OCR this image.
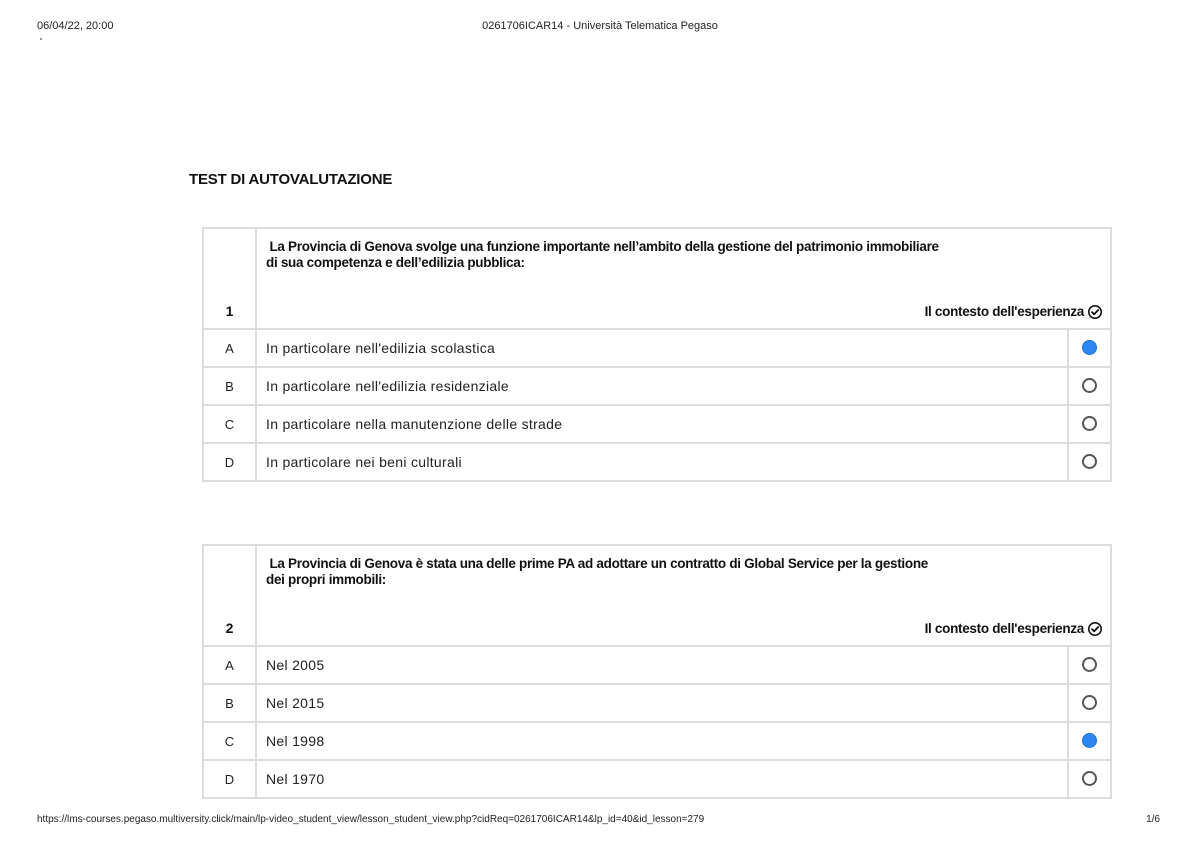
06/04/22, 20:00	0261706ICAR14 - Università Telematica Pegaso
TEST DI AUTOVALUTAZIONE
1	La Provincia di Genova svolge una funzione importante nell’ambito della gestione del patrimonio immobiliare
di sua competenza e dell’edilizia pubblica:
Il contesto dell'esperienza	

A	In particolare nell'edilizia scolastica	
B	In particolare nell'edilizia residenziale	
C	In particolare nella manutenzione delle strade	
D	In particolare nei beni culturali	
2	La Provincia di Genova è stata una delle prime PA ad adottare un contratto di Global Service per la gestione
dei propri immobili:
Il contesto dell'esperienza	

A	Nel 2005	
B	Nel 2015	
C	Nel 1998	
D	Nel 1970	
https://lms-courses.pegaso.multiversity.click/main/lp-video_student_view/lesson_student_view.php?cidReq=0261706ICAR14&lp_id=40&id_lesson=279	1/6
